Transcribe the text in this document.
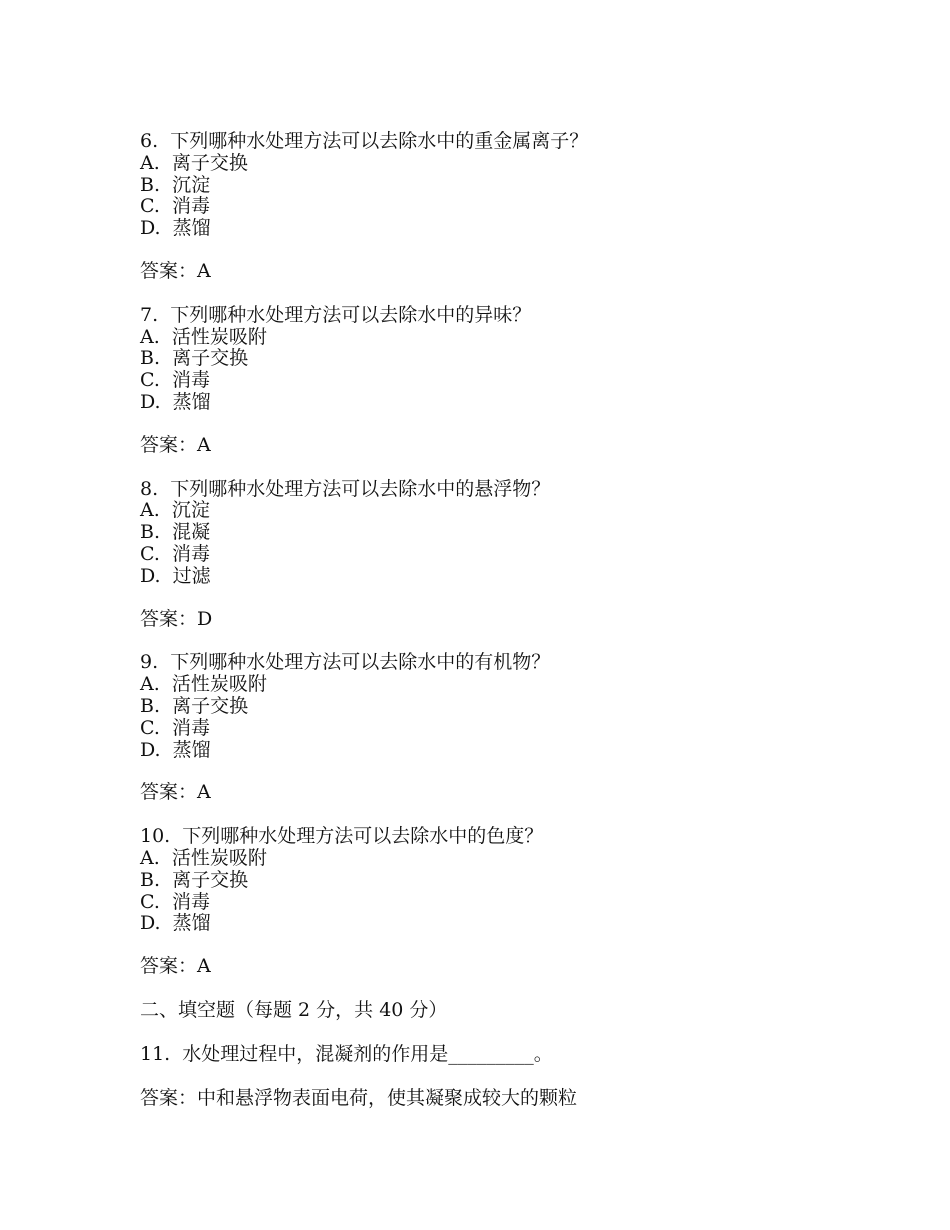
6.  下列哪种水处理方法可以去除水中的重金属离子？
A.  离子交换
B.  沉淀
C.  消毒
D.  蒸馏
答案：A
7.  下列哪种水处理方法可以去除水中的异味？
A.  活性炭吸附
B.  离子交换
C.  消毒
D.  蒸馏
答案：A
8.  下列哪种水处理方法可以去除水中的悬浮物？
A.  沉淀
B.  混凝
C.  消毒
D.  过滤
答案：D
9.  下列哪种水处理方法可以去除水中的有机物？
A.  活性炭吸附
B.  离子交换
C.  消毒
D.  蒸馏
答案：A
10.  下列哪种水处理方法可以去除水中的色度？
A.  活性炭吸附
B.  离子交换
C.  消毒
D.  蒸馏
答案：A
二、填空题（每题 2 分，共 40 分）
11.  水处理过程中，混凝剂的作用是_________。
答案：中和悬浮物表面电荷，使其凝聚成较大的颗粒
